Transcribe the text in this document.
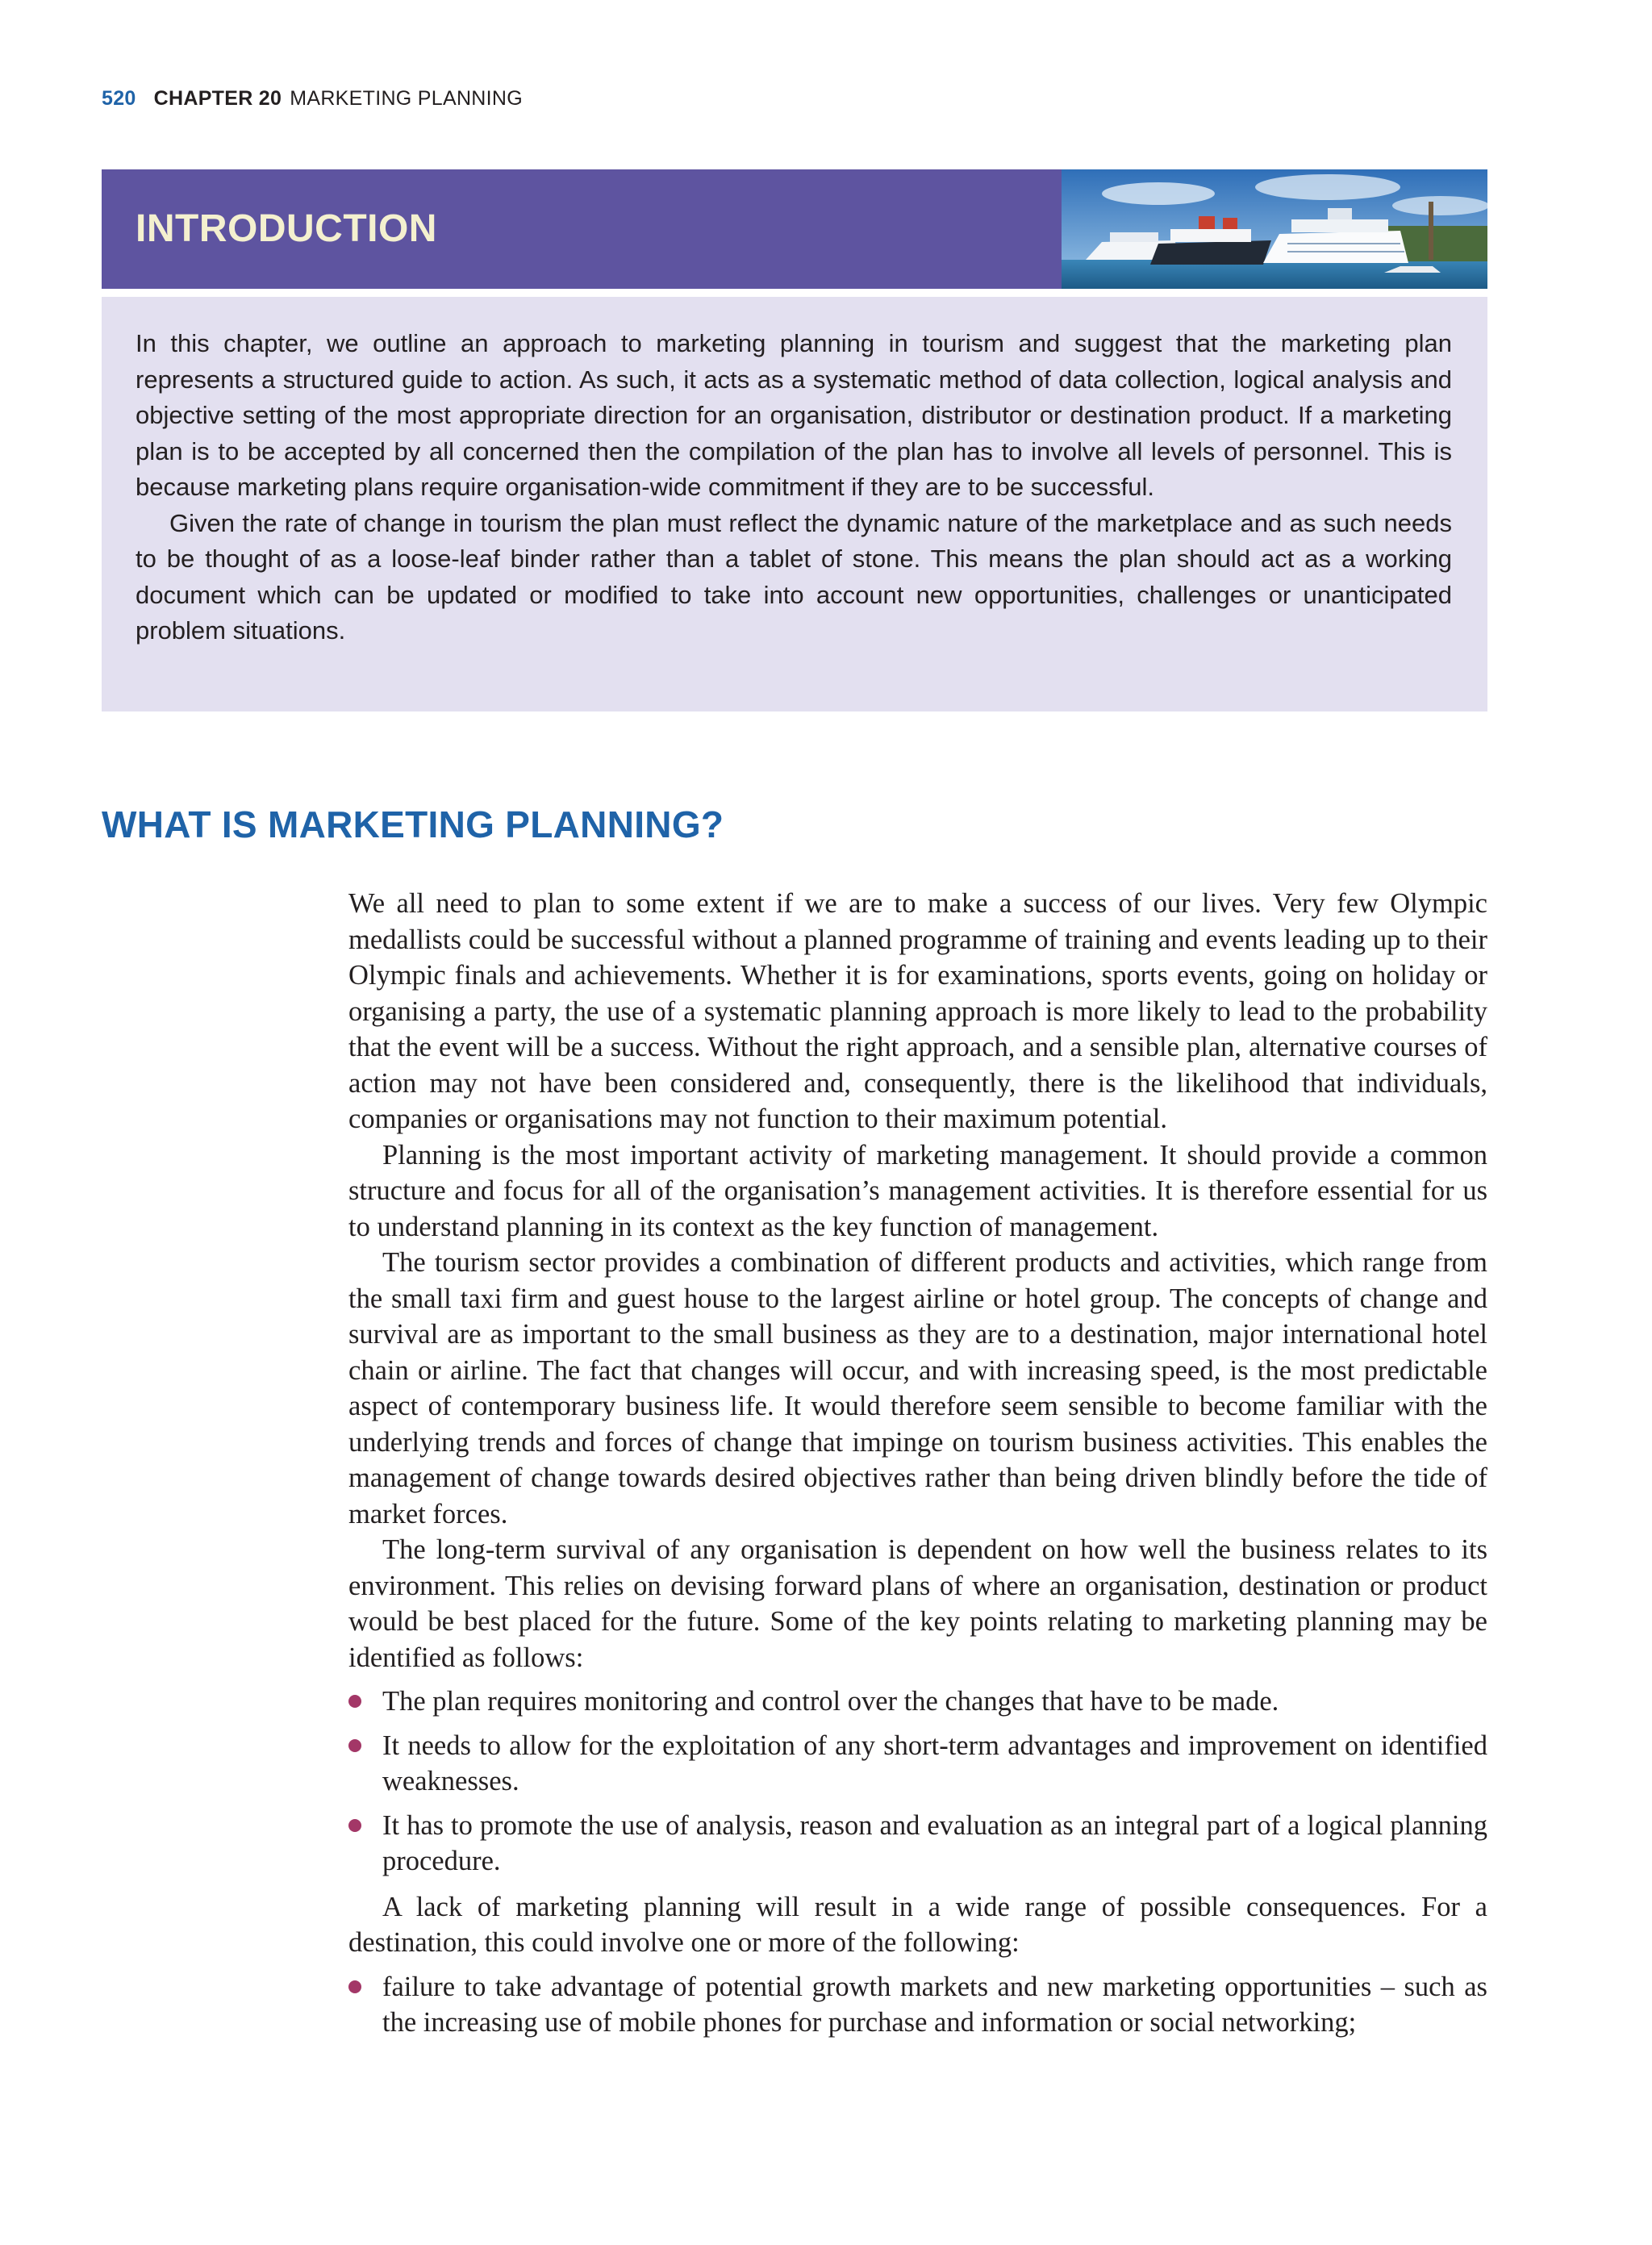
520 CHAPTER 20 MARKETING PLANNING
INTRODUCTION

In this chapter, we outline an approach to marketing planning in tourism and suggest that the marketing plan represents a structured guide to action. As such, it acts as a systematic method of data collection, logical analysis and objective setting of the most appropriate direction for an organisation, distributor or destination product. If a marketing plan is to be accepted by all concerned then the compilation of the plan has to involve all levels of personnel. This is because marketing plans require organisation-wide commitment if they are to be successful.

Given the rate of change in tourism the plan must reflect the dynamic nature of the marketplace and as such needs to be thought of as a loose-leaf binder rather than a tablet of stone. This means the plan should act as a working document which can be updated or modified to take into account new opportunities, challenges or unanticipated problem situations.

WHAT IS MARKETING PLANNING?

We all need to plan to some extent if we are to make a success of our lives. Very few Olympic medallists could be successful without a planned programme of training and events leading up to their Olympic finals and achievements. Whether it is for examinations, sports events, going on holiday or organising a party, the use of a systematic planning approach is more likely to lead to the probability that the event will be a success. Without the right approach, and a sensible plan, alternative courses of action may not have been considered and, consequently, there is the likelihood that individuals, companies or organisations may not function to their maximum potential.

Planning is the most important activity of marketing management. It should provide a common structure and focus for all of the organisation’s management activities. It is therefore essential for us to understand planning in its context as the key function of management.

The tourism sector provides a combination of different products and activities, which range from the small taxi firm and guest house to the largest airline or hotel group. The concepts of change and survival are as important to the small business as they are to a destination, major international hotel chain or airline. The fact that changes will occur, and with increasing speed, is the most predictable aspect of contemporary business life. It would therefore seem sensible to become familiar with the underlying trends and forces of change that impinge on tourism business activities. This enables the management of change towards desired objectives rather than being driven blindly before the tide of market forces.

The long-term survival of any organisation is dependent on how well the business relates to its environment. This relies on devising forward plans of where an organisation, destination or product would be best placed for the future. Some of the key points relating to marketing planning may be identified as follows:

The plan requires monitoring and control over the changes that have to be made.
It needs to allow for the exploitation of any short-term advantages and improvement on identified weaknesses.
It has to promote the use of analysis, reason and evaluation as an integral part of a logical planning procedure.

A lack of marketing planning will result in a wide range of possible consequences. For a destination, this could involve one or more of the following:

failure to take advantage of potential growth markets and new marketing opportunities – such as the increasing use of mobile phones for purchase and information or social networking;
